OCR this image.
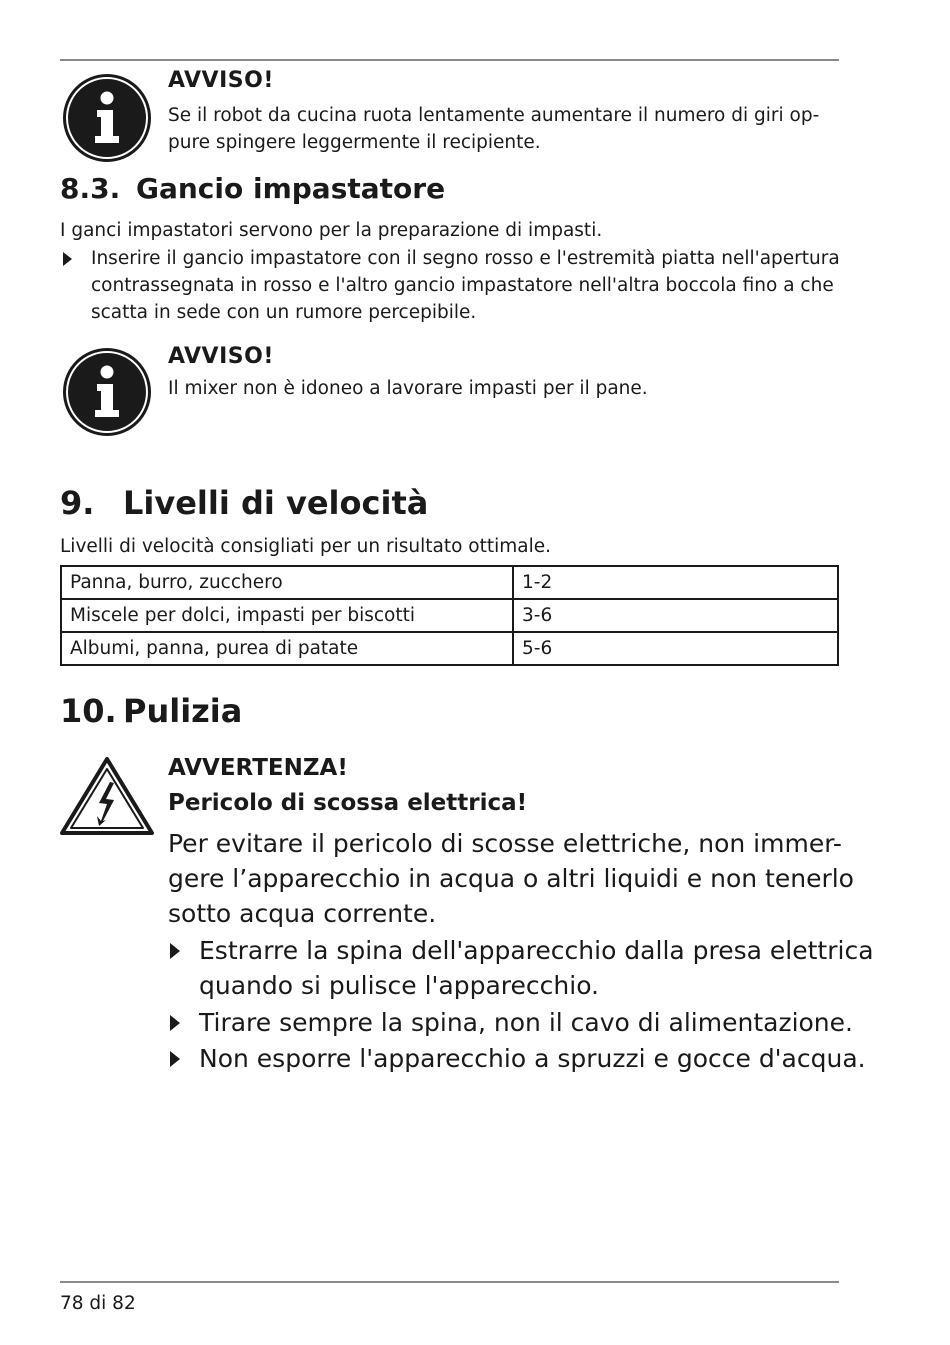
AVVISO!
Se il robot da cucina ruota lentamente aumentare il numero di giri op-
pure spingere leggermente il recipiente.
8.3. Gancio impastatore
I ganci impastatori servono per la preparazione di impasti.
Inserire il gancio impastatore con il segno rosso e l'estremità piatta nell'apertura
contrassegnata in rosso e l'altro gancio impastatore nell'altra boccola fino a che
scatta in sede con un rumore percepibile.
AVVISO!
Il mixer non è idoneo a lavorare impasti per il pane.
9. Livelli di velocità
Livelli di velocità consigliati per un risultato ottimale.
Panna, burro, zucchero	1-2
Miscele per dolci, impasti per biscotti	3-6
Albumi, panna, purea di patate	5-6
10. Pulizia
AVVERTENZA!
Pericolo di scossa elettrica!
Per evitare il pericolo di scosse elettriche, non immer-
gere l’apparecchio in acqua o altri liquidi e non tenerlo
sotto acqua corrente.
Estrarre la spina dell'apparecchio dalla presa elettrica
quando si pulisce l'apparecchio.
Tirare sempre la spina, non il cavo di alimentazione.
Non esporre l'apparecchio a spruzzi e gocce d'acqua.
78 di 82
